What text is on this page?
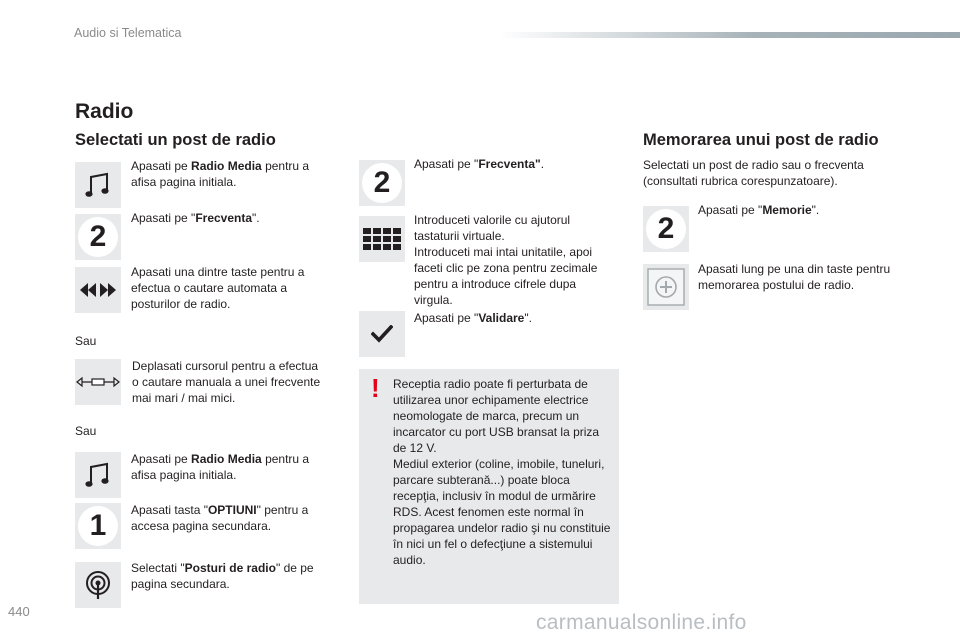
Audio si Telematica
Radio
Selectati un post de radio
Apasati pe Radio Media pentru a afisa pagina initiala.
2
Apasati pe "Frecventa".
Apasati una dintre taste pentru a efectua o cautare automata a posturilor de radio.
Sau
Deplasati cursorul pentru a efectua o cautare manuala a unei frecvente mai mari / mai mici.
Sau
Apasati pe Radio Media pentru a afisa pagina initiala.
1 Apasati tasta "OPTIUNI" pentru a accesa pagina secundara.
Selectati "Posturi de radio" de pe pagina secundara.
2
Apasati pe "Frecventa".
Introduceti valorile cu ajutorul tastaturii virtuale.
Introduceti mai intai unitatile, apoi faceti clic pe zona pentru zecimale pentru a introduce cifrele dupa virgula.
Apasati pe "Validare".
! Receptia radio poate fi perturbata de utilizarea unor echipamente electrice neomologate de marca, precum un incarcator cu port USB bransat la priza de 12 V.
Mediul exterior (coline, imobile, tuneluri, parcare subterană...) poate bloca recepţia, inclusiv în modul de urmărire RDS. Acest fenomen este normal în propagarea undelor radio şi nu constituie în nici un fel o defecţiune a sistemului audio.
Memorarea unui post de radio
Selectati un post de radio sau o frecventa (consultati rubrica corespunzatoare).
2
Apasati pe "Memorie".
Apasati lung pe una din taste pentru memorarea postului de radio.
440	carmanualsonline.info
